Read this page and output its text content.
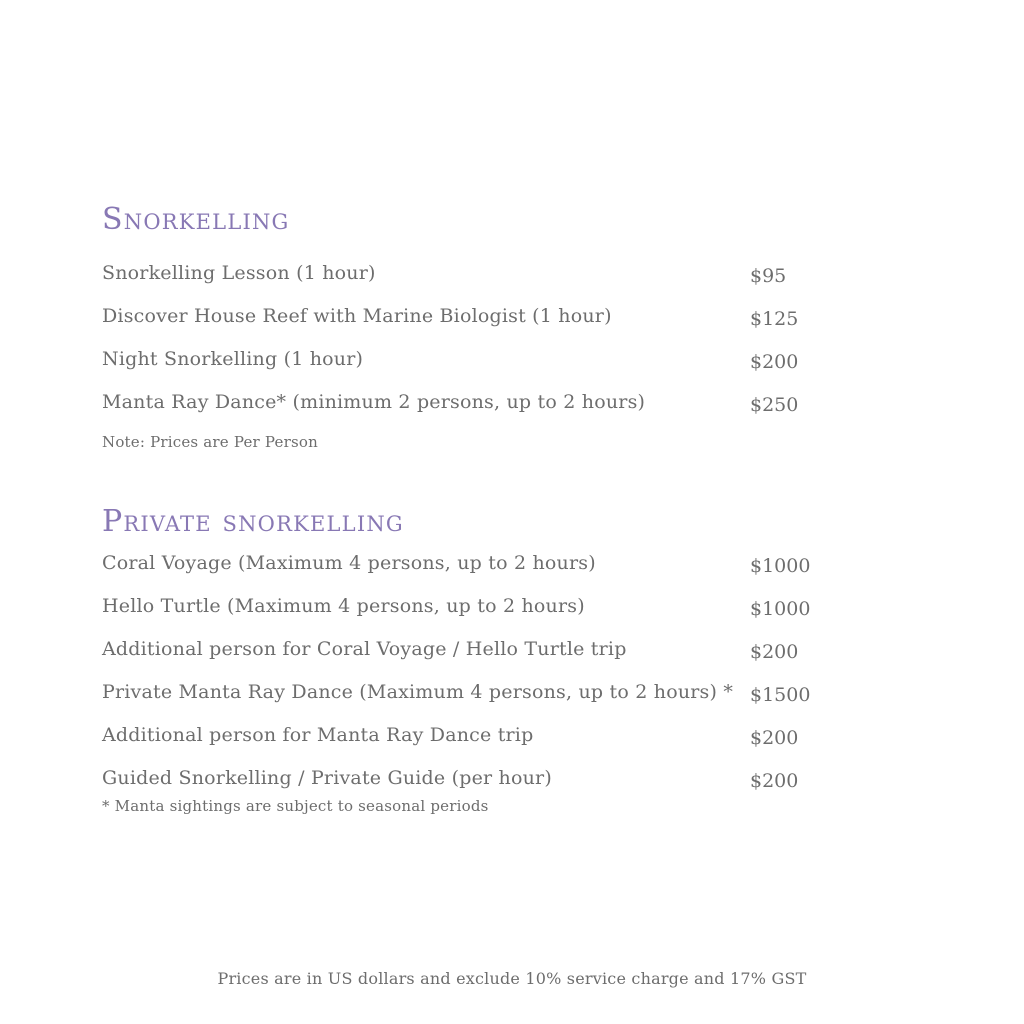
Snorkelling
Snorkelling Lesson (1 hour)	$95
Discover House Reef with Marine Biologist (1 hour)	$125
Night Snorkelling (1 hour)	$200
Manta Ray Dance* (minimum 2 persons, up to 2 hours)	$250
Note: Prices are Per Person
Private snorkelling
Coral Voyage (Maximum 4 persons, up to 2 hours)	$1000
Hello Turtle (Maximum 4 persons, up to 2 hours)	$1000
Additional person for Coral Voyage / Hello Turtle trip	$200
Private Manta Ray Dance (Maximum 4 persons, up to 2 hours) * $1500
Additional person for Manta Ray Dance trip	$200
Guided Snorkelling / Private Guide (per hour)	$200
* Manta sightings are subject to seasonal periods
Prices are in US dollars and exclude 10% service charge and 17% GST
